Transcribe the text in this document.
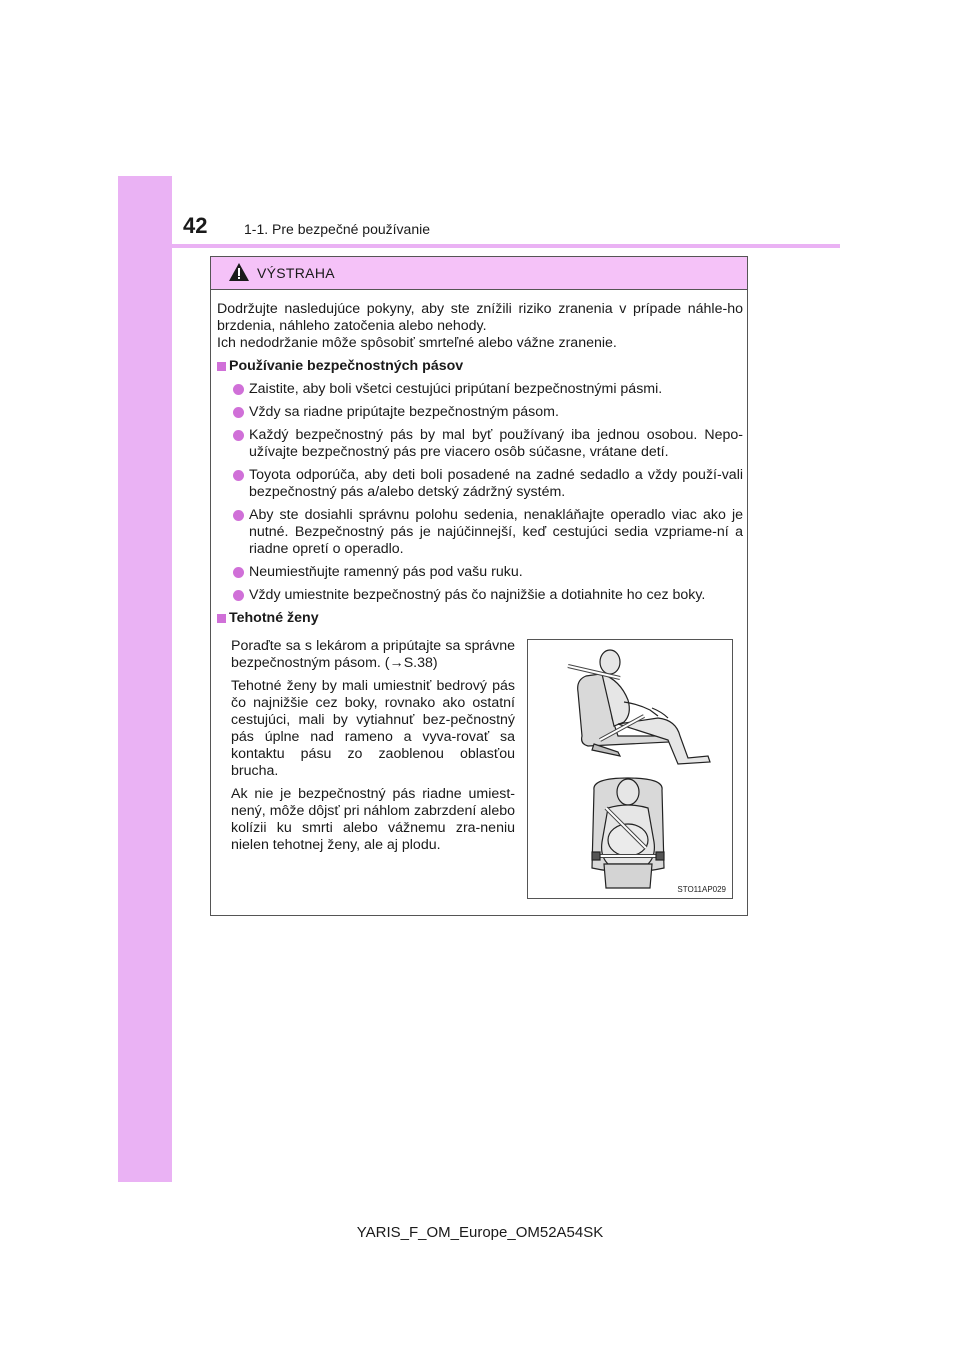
42	1-1. Pre bezpečné používanie
VÝSTRAHA

Dodržujte nasledujúce pokyny, aby ste znížili riziko zranenia v prípade náhle-ho brzdenia, náhleho zatočenia alebo nehody.

Ich nedodržanie môže spôsobiť smrteľné alebo vážne zranenie.

Používanie bezpečnostných pásov
Zaistite, aby boli všetci cestujúci pripútaní bezpečnostnými pásmi.
Vždy sa riadne pripútajte bezpečnostným pásom.
Každý bezpečnostný pás by mal byť používaný iba jednou osobou. Nepo-užívajte bezpečnostný pás pre viacero osôb súčasne, vrátane detí.
Toyota odporúča, aby deti boli posadené na zadné sedadlo a vždy použí-vali bezpečnostný pás a/alebo detský zádržný systém.
Aby ste dosiahli správnu polohu sedenia, nenakláňajte operadlo viac ako je nutné. Bezpečnostný pás je najúčinnejší, keď cestujúci sedia vzpriame-ní a riadne opretí o operadlo.
Neumiestňujte ramenný pás pod vašu ruku.
Vždy umiestnite bezpečnostný pás čo najnižšie a dotiahnite ho cez boky.
Tehotné ženy

Poraďte sa s lekárom a pripútajte sa správne bezpečnostným pásom. (→S.38)

Tehotné ženy by mali umiestniť bedrový pás čo najnižšie cez boky, rovnako ako ostatní cestujúci, mali by vytiahnuť bez-pečnostný pás úplne nad rameno a vyva-rovať sa kontaktu pásu zo zaoblenou oblasťou brucha.

Ak nie je bezpečnostný pás riadne umiest-nený, môže dôjsť pri náhlom zabrzdení alebo kolízii ku smrti alebo vážnemu zra-neniu nielen tehotnej ženy, ale aj plodu.

STO11AP029
YARIS_F_OM_Europe_OM52A54SK
